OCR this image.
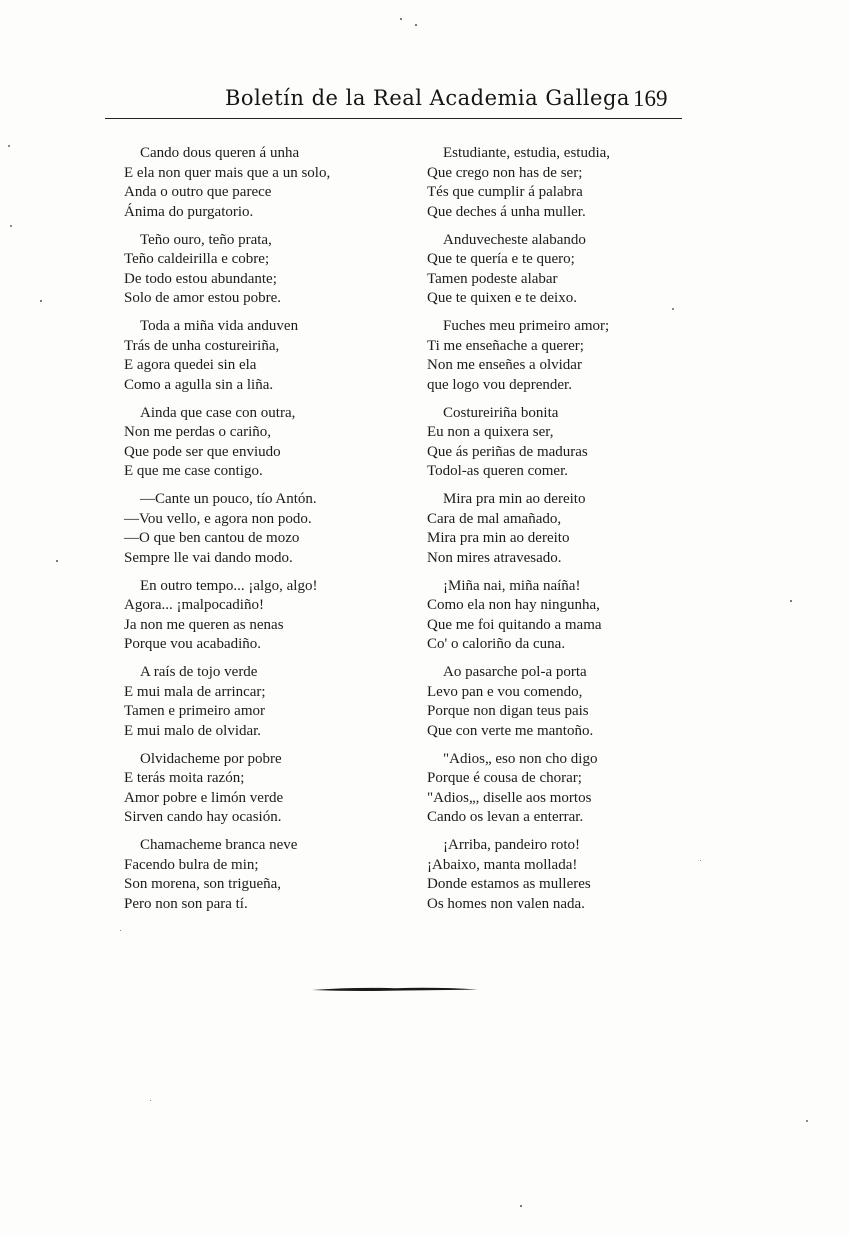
Boletín de la Real Academia Gallega 169
Cando dous queren á unha
E ela non quer mais que a un solo,
Anda o outro que parece
Ánima do purgatorio.
Teño ouro, teño prata,
Teño caldeirilla e cobre;
De todo estou abundante;
Solo de amor estou pobre.
Toda a miña vida anduven
Trás de unha costureiriña,
E agora quedei sin ela
Como a agulla sin a liña.
Ainda que case con outra,
Non me perdas o cariño,
Que pode ser que enviudo
E que me case contigo.
—Cante un pouco, tío Antón.
—Vou vello, e agora non podo.
—O que ben cantou de mozo
Sempre lle vai dando modo.
En outro tempo... ¡algo, algo!
Agora... ¡malpocadiño!
Ja non me queren as nenas
Porque vou acabadiño.
A raís de tojo verde
E mui mala de arrincar;
Tamen e primeiro amor
E mui malo de olvidar.
Olvidacheme por pobre
E terás moita razón;
Amor pobre e limón verde
Sirven cando hay ocasión.
Chamacheme branca neve
Facendo bulra de min;
Son morena, son trigueña,
Pero non son para tí.
Estudiante, estudia, estudia,
Que crego non has de ser;
Tés que cumplir á palabra
Que deches á unha muller.
Anduvecheste alabando
Que te quería e te quero;
Tamen podeste alabar
Que te quixen e te deixo.
Fuches meu primeiro amor;
Ti me enseñache a querer;
Non me enseñes a olvidar
que logo vou deprender.
Costureiriña bonita
Eu non a quixera ser,
Que ás periñas de maduras
Todol-as queren comer.
Mira pra min ao dereito
Cara de mal amañado,
Mira pra min ao dereito
Non mires atravesado.
¡Miña nai, miña naíña!
Como ela non hay ningunha,
Que me foi quitando a mama
Co' o caloriño da cuna.
Ao pasarche pol-a porta
Levo pan e vou comendo,
Porque non digan teus pais
Que con verte me mantoño.
"Adios„ eso non cho digo
Porque é cousa de chorar;
"Adios„, diselle aos mortos
Cando os levan a enterrar.
¡Arriba, pandeiro roto!
¡Abaixo, manta mollada!
Donde estamos as mulleres
Os homes non valen nada.
